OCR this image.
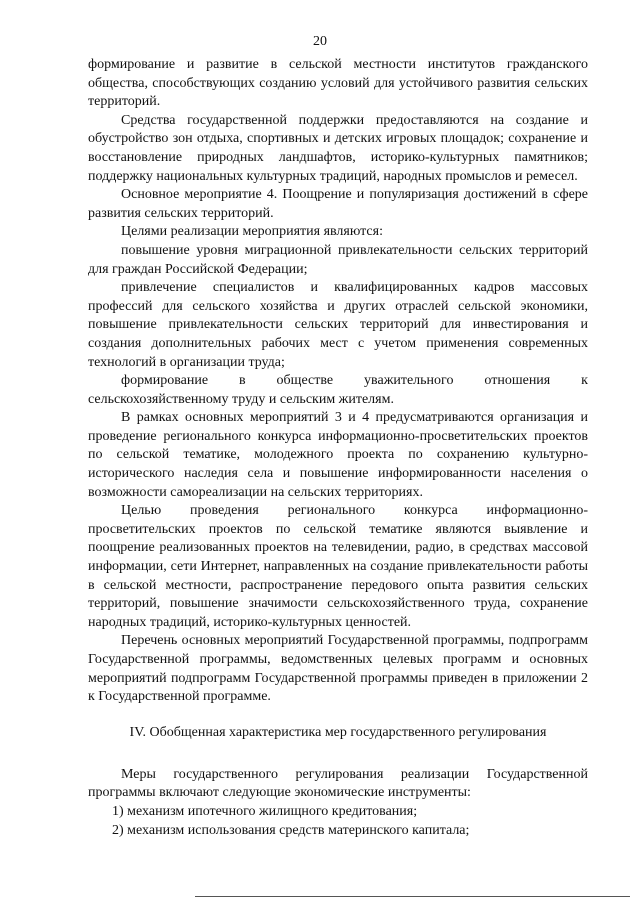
20

формирование и развитие в сельской местности институтов гражданского общества, способствующих созданию условий для устойчивого развития сельских территорий.

Средства государственной поддержки предоставляются на создание и обустройство зон отдыха, спортивных и детских игровых площадок; сохранение и восстановление природных ландшафтов, историко-культурных памятников; поддержку национальных культурных традиций, народных промыслов и ремесел.

Основное мероприятие 4. Поощрение и популяризация достижений в сфере развития сельских территорий.

Целями реализации мероприятия являются:

повышение уровня миграционной привлекательности сельских территорий для граждан Российской Федерации;

привлечение специалистов и квалифицированных кадров массовых профессий для сельского хозяйства и других отраслей сельской экономики, повышение привлекательности сельских территорий для инвестирования и создания дополнительных рабочих мест с учетом применения современных технологий в организации труда;

формирование в обществе уважительного отношения к сельскохозяйственному труду и сельским жителям.

В рамках основных мероприятий 3 и 4 предусматриваются организация и проведение регионального конкурса информационно-просветительских проектов по сельской тематике, молодежного проекта по сохранению культурно-исторического наследия села и повышение информированности населения о возможности самореализации на сельских территориях.

Целью проведения регионального конкурса информационно-просветительских проектов по сельской тематике являются выявление и поощрение реализованных проектов на телевидении, радио, в средствах массовой информации, сети Интернет, направленных на создание привлекательности работы в сельской местности, распространение передового опыта развития сельских территорий, повышение значимости сельскохозяйственного труда, сохранение народных традиций, историко-культурных ценностей.

Перечень основных мероприятий Государственной программы, подпрограмм Государственной программы, ведомственных целевых программ и основных мероприятий подпрограмм Государственной программы приведен в приложении 2 к Государственной программе.

IV. Обобщенная характеристика мер государственного регулирования

Меры государственного регулирования реализации Государственной программы включают следующие экономические инструменты:

1) механизм ипотечного жилищного кредитования;

2) механизм использования средств материнского капитала;
